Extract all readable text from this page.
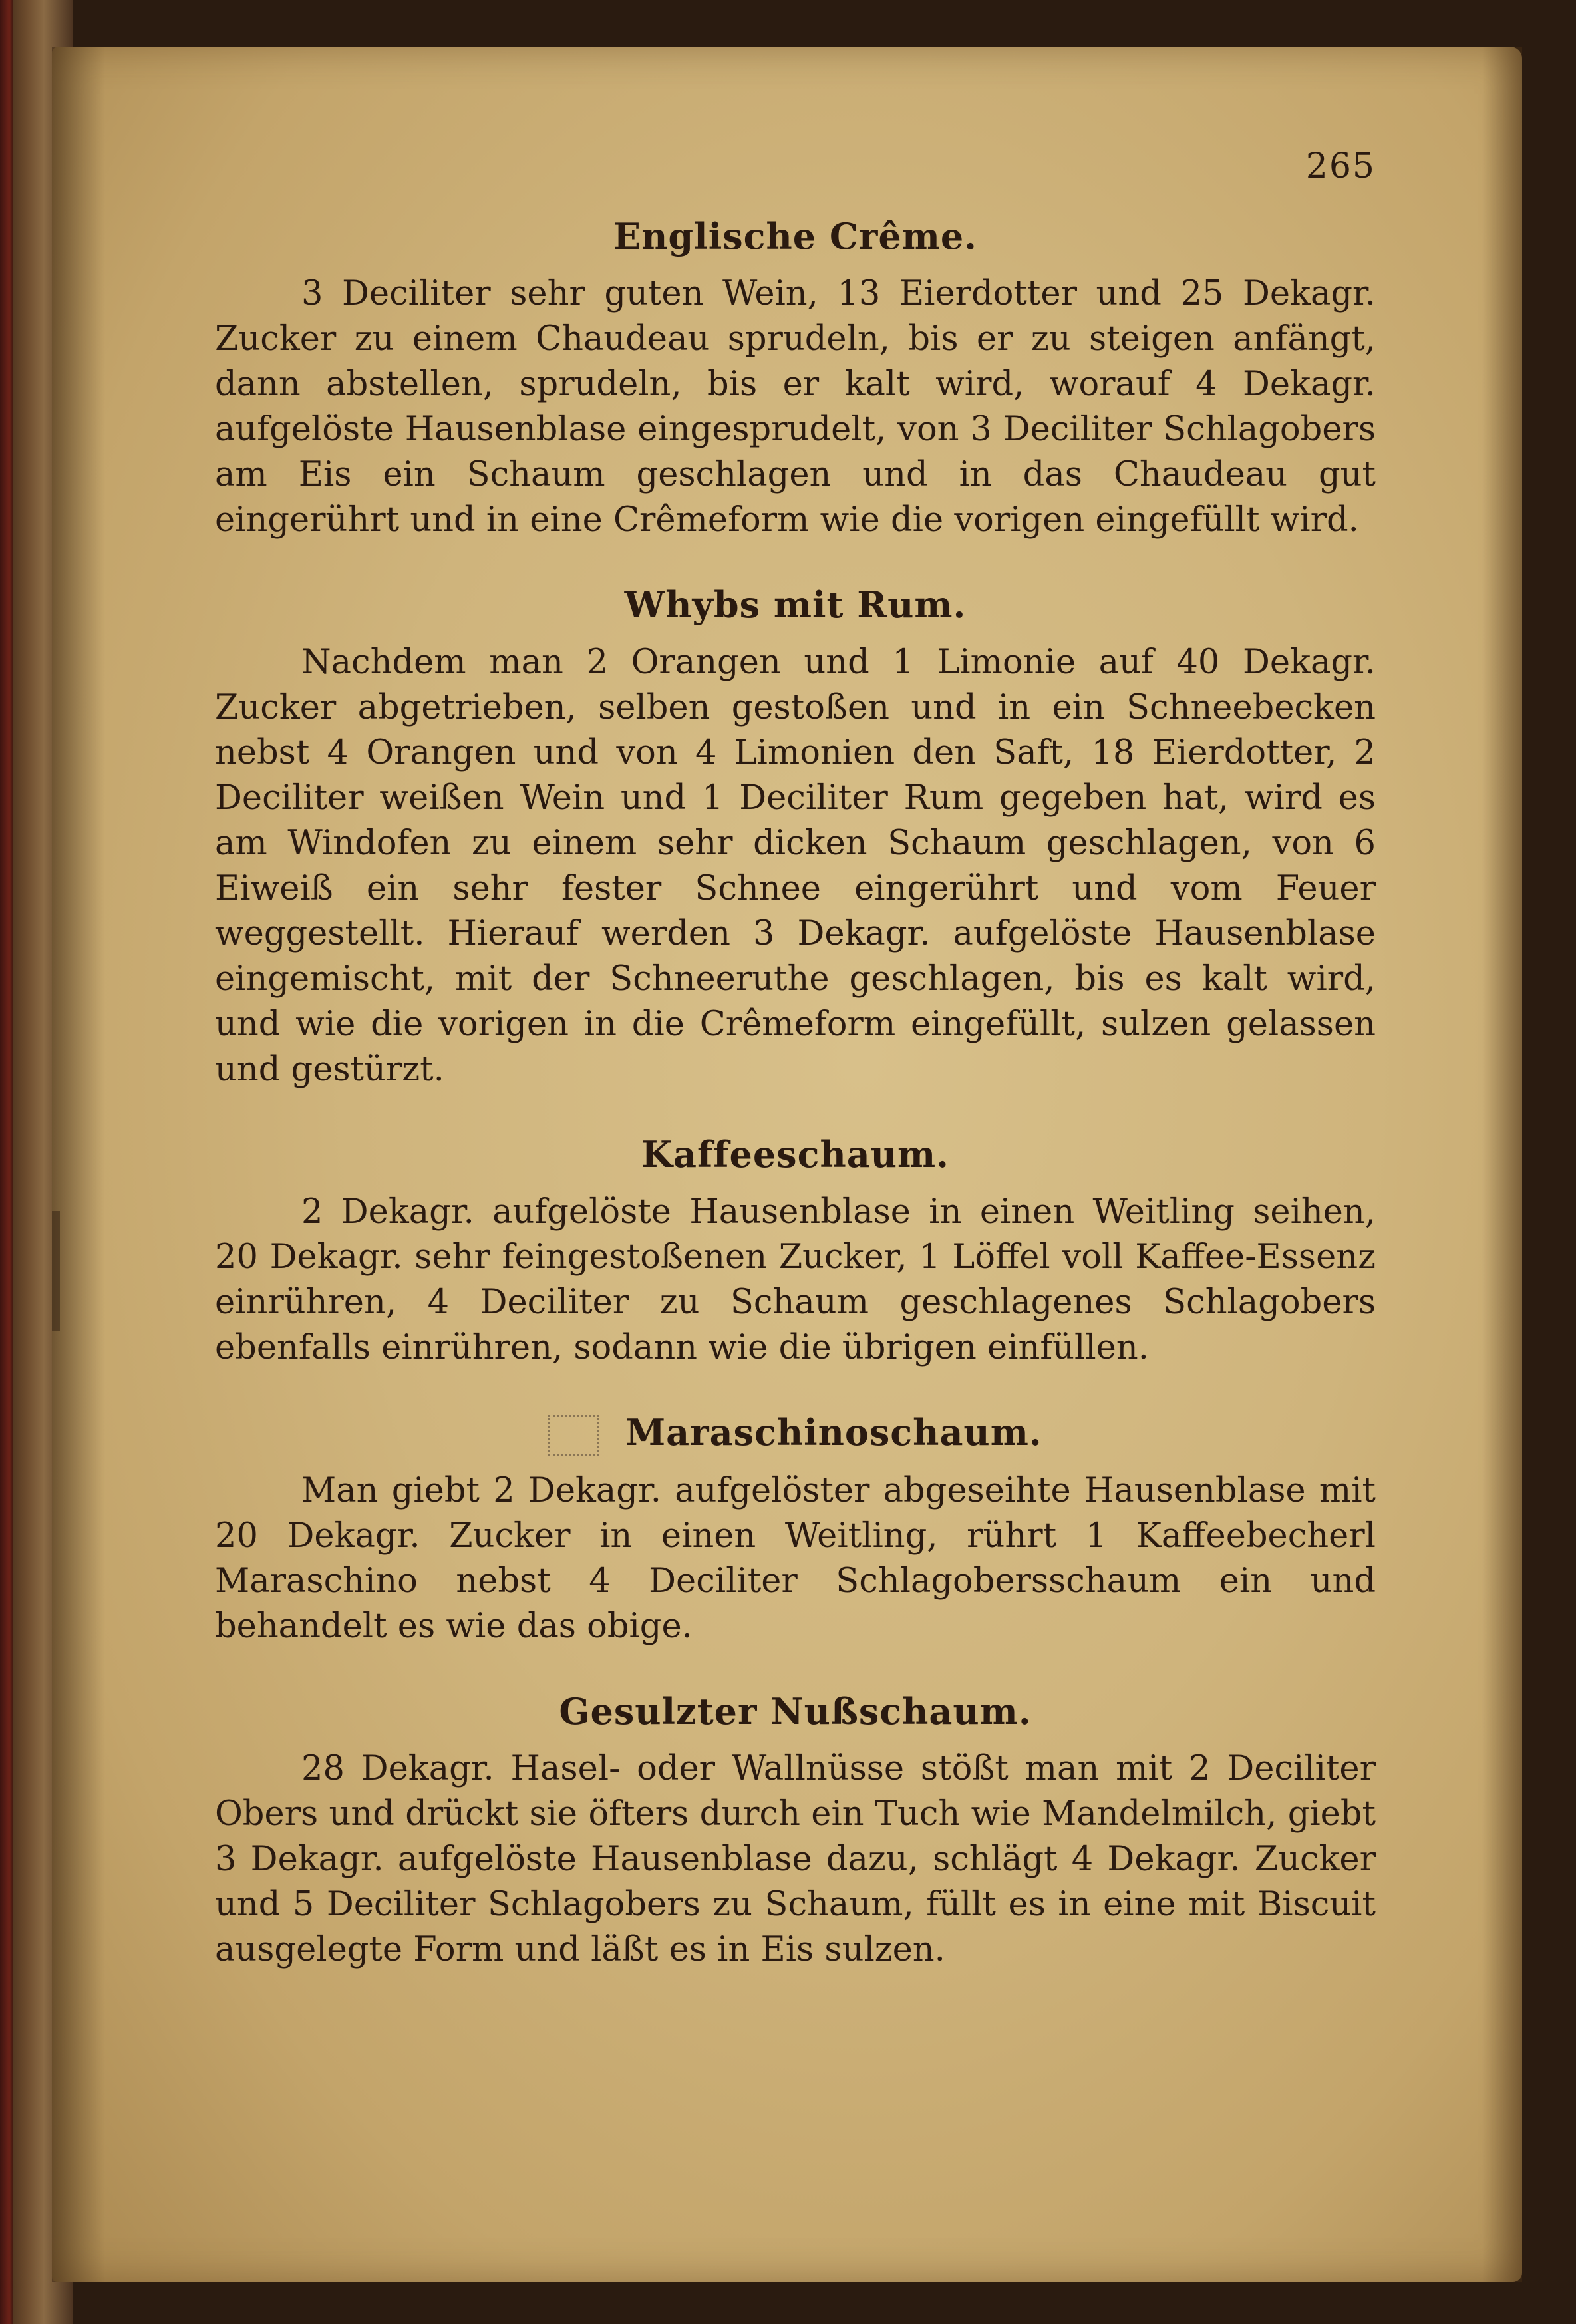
265
Englische Crême.

3 Deciliter sehr guten Wein, 13 Eierdotter und 25 Dekagr. Zucker zu einem Chaudeau sprudeln, bis er zu steigen anfängt, dann abstellen, sprudeln, bis er kalt wird, worauf 4 Dekagr. aufgelöste Hausenblase eingesprudelt, von 3 Deciliter Schlagobers am Eis ein Schaum geschlagen und in das Chaudeau gut eingerührt und in eine Crêmeform wie die vorigen eingefüllt wird.

Whybs mit Rum.

Nachdem man 2 Orangen und 1 Limonie auf 40 Dekagr. Zucker abgetrieben, selben gestoßen und in ein Schneebecken nebst 4 Orangen und von 4 Limonien den Saft, 18 Eierdotter, 2 Deciliter weißen Wein und 1 Deciliter Rum gegeben hat, wird es am Windofen zu einem sehr dicken Schaum geschlagen, von 6 Eiweiß ein sehr fester Schnee eingerührt und vom Feuer weggestellt. Hierauf werden 3 Dekagr. aufgelöste Hausenblase eingemischt, mit der Schneeruthe geschlagen, bis es kalt wird, und wie die vorigen in die Crêmeform eingefüllt, sulzen gelassen und gestürzt.

Kaffeeschaum.

2 Dekagr. aufgelöste Hausenblase in einen Weitling seihen, 20 Dekagr. sehr feingestoßenen Zucker, 1 Löffel voll Kaffee-Essenz einrühren, 4 Deciliter zu Schaum geschlagenes Schlagobers ebenfalls einrühren, sodann wie die übrigen einfüllen.

Maraschinoschaum.

Man giebt 2 Dekagr. aufgelöster abgeseihte Hausenblase mit 20 Dekagr. Zucker in einen Weitling, rührt 1 Kaffeebecherl Maraschino nebst 4 Deciliter Schlagobersschaum ein und behandelt es wie das obige.

Gesulzter Nußschaum.

28 Dekagr. Hasel- oder Wallnüsse stößt man mit 2 Deciliter Obers und drückt sie öfters durch ein Tuch wie Mandelmilch, giebt 3 Dekagr. aufgelöste Hausenblase dazu, schlägt 4 Dekagr. Zucker und 5 Deciliter Schlagobers zu Schaum, füllt es in eine mit Biscuit ausgelegte Form und läßt es in Eis sulzen.
